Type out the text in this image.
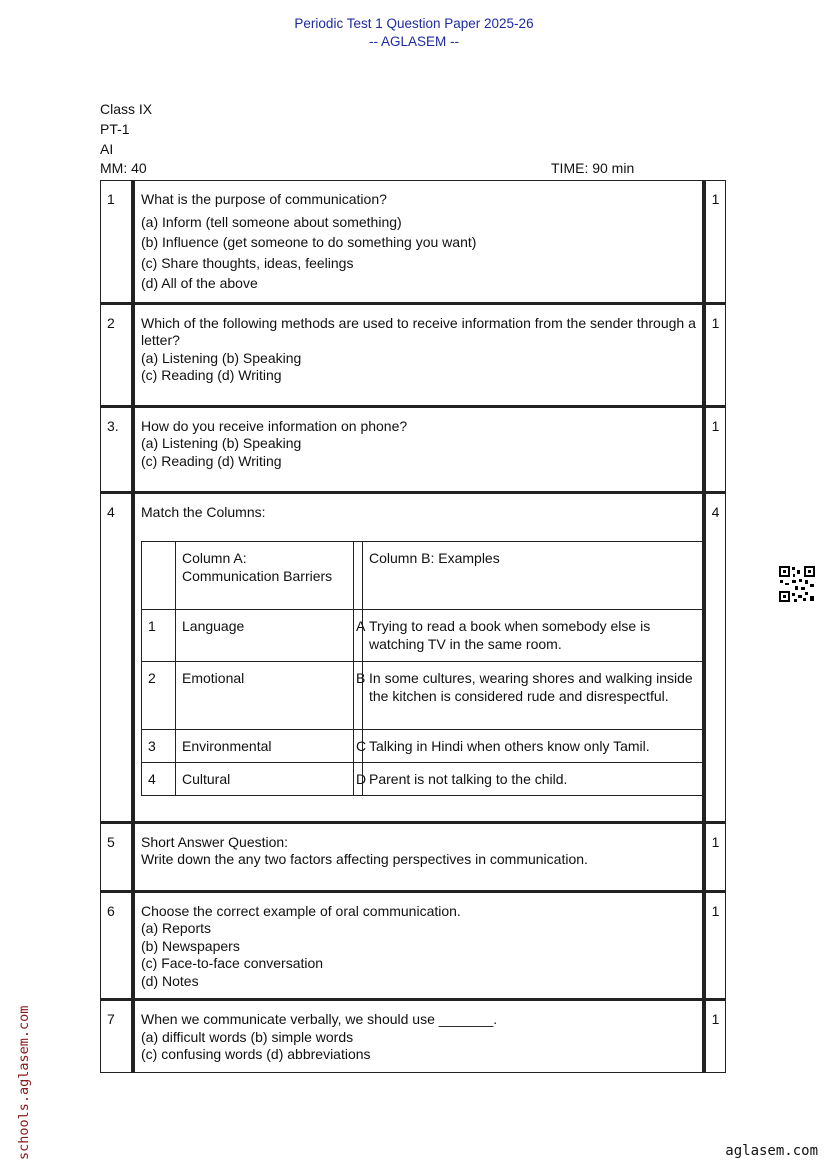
Periodic Test 1 Question Paper 2025-26
-- AGLASEM --
Class IX
PT-1
AI
MM: 40	TIME: 90 min
1	What is the purpose of communication?
(a) Inform (tell someone about something)
(b) Influence (get someone to do something you want)
(c) Share thoughts, ideas, feelings
(d) All of the above
	1
2	Which of the following methods are used to receive information from the sender through a letter?
(a) Listening (b) Speaking
(c) Reading (d) Writing
	1
3.	How do you receive information on phone?
(a) Listening (b) Speaking
(c) Reading (d) Writing
	1
4	Match the Columns:
	Column A: Communication Barriers		Column B: Examples
1	Language	A	Trying to read a book when somebody else is watching TV in the same room.
2	Emotional	B	In some cultures, wearing shores and walking inside the kitchen is considered rude and disrespectful.
3	Environmental	C	Talking in Hindi when others know only Tamil.
4	Cultural	D	Parent is not talking to the child.
	4
5	Short Answer Question:
Write down the any two factors affecting perspectives in communication.
	1
6	Choose the correct example of oral communication.
(a) Reports
(b) Newspapers
(c) Face-to-face conversation
(d) Notes
	1
7	When we communicate verbally, we should use _______.
(a) difficult words (b) simple words
(c) confusing words (d) abbreviations
	1
schools.aglasem.com	aglasem.com
